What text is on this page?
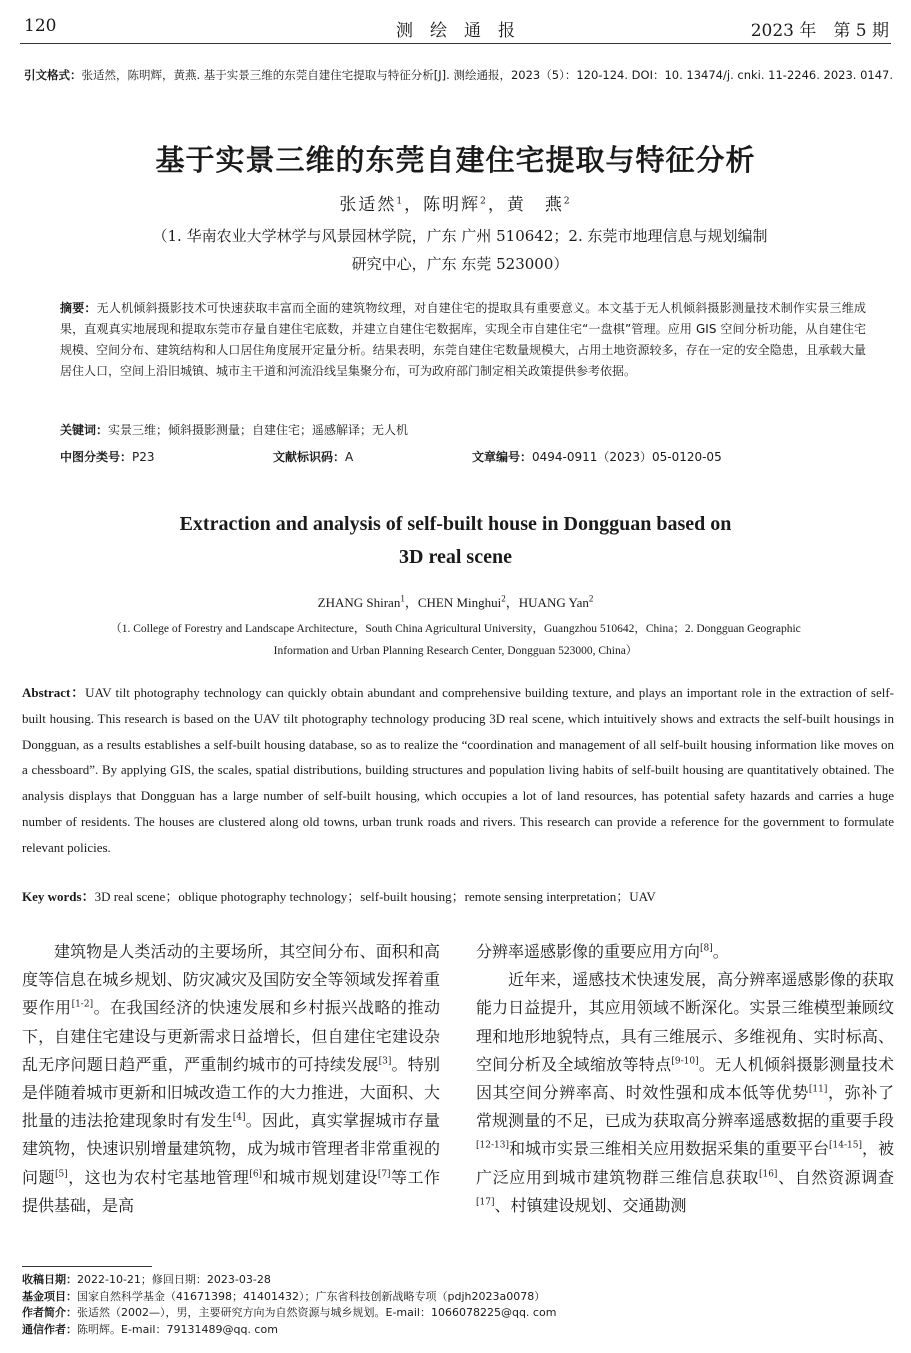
120	测　绘　通　报	2023 年　第 5 期
引文格式：张适然，陈明辉，黄燕. 基于实景三维的东莞自建住宅提取与特征分析[J]. 测绘通报，2023（5）：120-124. DOI：10. 13474/j. cnki. 11-2246. 2023. 0147.
基于实景三维的东莞自建住宅提取与特征分析
张适然$^1$，陈明辉$^2$，黄　燕$^2$
（1. 华南农业大学林学与风景园林学院，广东 广州 510642；2. 东莞市地理信息与规划编制
研究中心，广东 东莞 523000）
摘要：无人机倾斜摄影技术可快速获取丰富而全面的建筑物纹理，对自建住宅的提取具有重要意义。本文基于无人机倾斜摄影测量技术制作实景三维成果，直观真实地展现和提取东莞市存量自建住宅底数，并建立自建住宅数据库，实现全市自建住宅“一盘棋”管理。应用 GIS 空间分析功能，从自建住宅规模、空间分布、建筑结构和人口居住角度展开定量分析。结果表明，东莞自建住宅数量规模大，占用土地资源较多，存在一定的安全隐患，且承载大量居住人口，空间上沿旧城镇、城市主干道和河流沿线呈集聚分布，可为政府部门制定相关政策提供参考依据。
关键词：实景三维；倾斜摄影测量；自建住宅；遥感解译；无人机
中图分类号：P23	文献标识码：A	文章编号：0494-0911（2023）05-0120-05
Extraction and analysis of self-built house in Dongguan based on
3D real scene
ZHANG Shiran$^1$，CHEN Minghui$^2$，HUANG Yan$^2$
（1. College of Forestry and Landscape Architecture，South China Agricultural University，Guangzhou 510642，China；2. Dongguan Geographic
Information and Urban Planning Research Center, Dongguan 523000, China）
Abstract：UAV tilt photography technology can quickly obtain abundant and comprehensive building texture, and plays an important role in the extraction of self-built housing. This research is based on the UAV tilt photography technology producing 3D real scene, which intuitively shows and extracts the self-built housings in Dongguan, as a results establishes a self-built housing database, so as to realize the “coordination and management of all self-built housing information like moves on a chessboard”. By applying GIS, the scales, spatial distributions, building structures and population living habits of self-built housing are quantitatively obtained. The analysis displays that Dongguan has a large number of self-built housing, which occupies a lot of land resources, has potential safety hazards and carries a huge number of residents. The houses are clustered along old towns, urban trunk roads and rivers. This research can provide a reference for the government to formulate relevant policies.
Key words：3D real scene；oblique photography technology；self-built housing；remote sensing interpretation；UAV

建筑物是人类活动的主要场所，其空间分布、面积和高度等信息在城乡规划、防灾减灾及国防安全等领域发挥着重要作用[1-2]。在我国经济的快速发展和乡村振兴战略的推动下，自建住宅建设与更新需求日益增长，但自建住宅建设杂乱无序问题日趋严重，严重制约城市的可持续发展[3]。特别是伴随着城市更新和旧城改造工作的大力推进，大面积、大批量的违法抢建现象时有发生[4]。因此，真实掌握城市存量建筑物，快速识别增量建筑物，成为城市管理者非常重视的问题[5]，这也为农村宅基地管理[6]和城市规划建设[7]等工作提供基础，是高

分辨率遥感影像的重要应用方向[8]。

近年来，遥感技术快速发展，高分辨率遥感影像的获取能力日益提升，其应用领域不断深化。实景三维模型兼顾纹理和地形地貌特点，具有三维展示、多维视角、实时标高、空间分析及全域缩放等特点[9-10]。无人机倾斜摄影测量技术因其空间分辨率高、时效性强和成本低等优势[11]，弥补了常规测量的不足，已成为获取高分辨率遥感数据的重要手段[12-13]和城市实景三维相关应用数据采集的重要平台[14-15]，被广泛应用到城市建筑物群三维信息获取[16]、自然资源调查[17]、村镇建设规划、交通勘测

收稿日期：2022-10-21；修回日期：2023-03-28
基金项目：国家自然科学基金（41671398；41401432）；广东省科技创新战略专项（pdjh2023a0078）
作者简介：张适然（2002—），男，主要研究方向为自然资源与城乡规划。E-mail：1066078225@qq. com
通信作者：陈明辉。E-mail：79131489@qq. com
